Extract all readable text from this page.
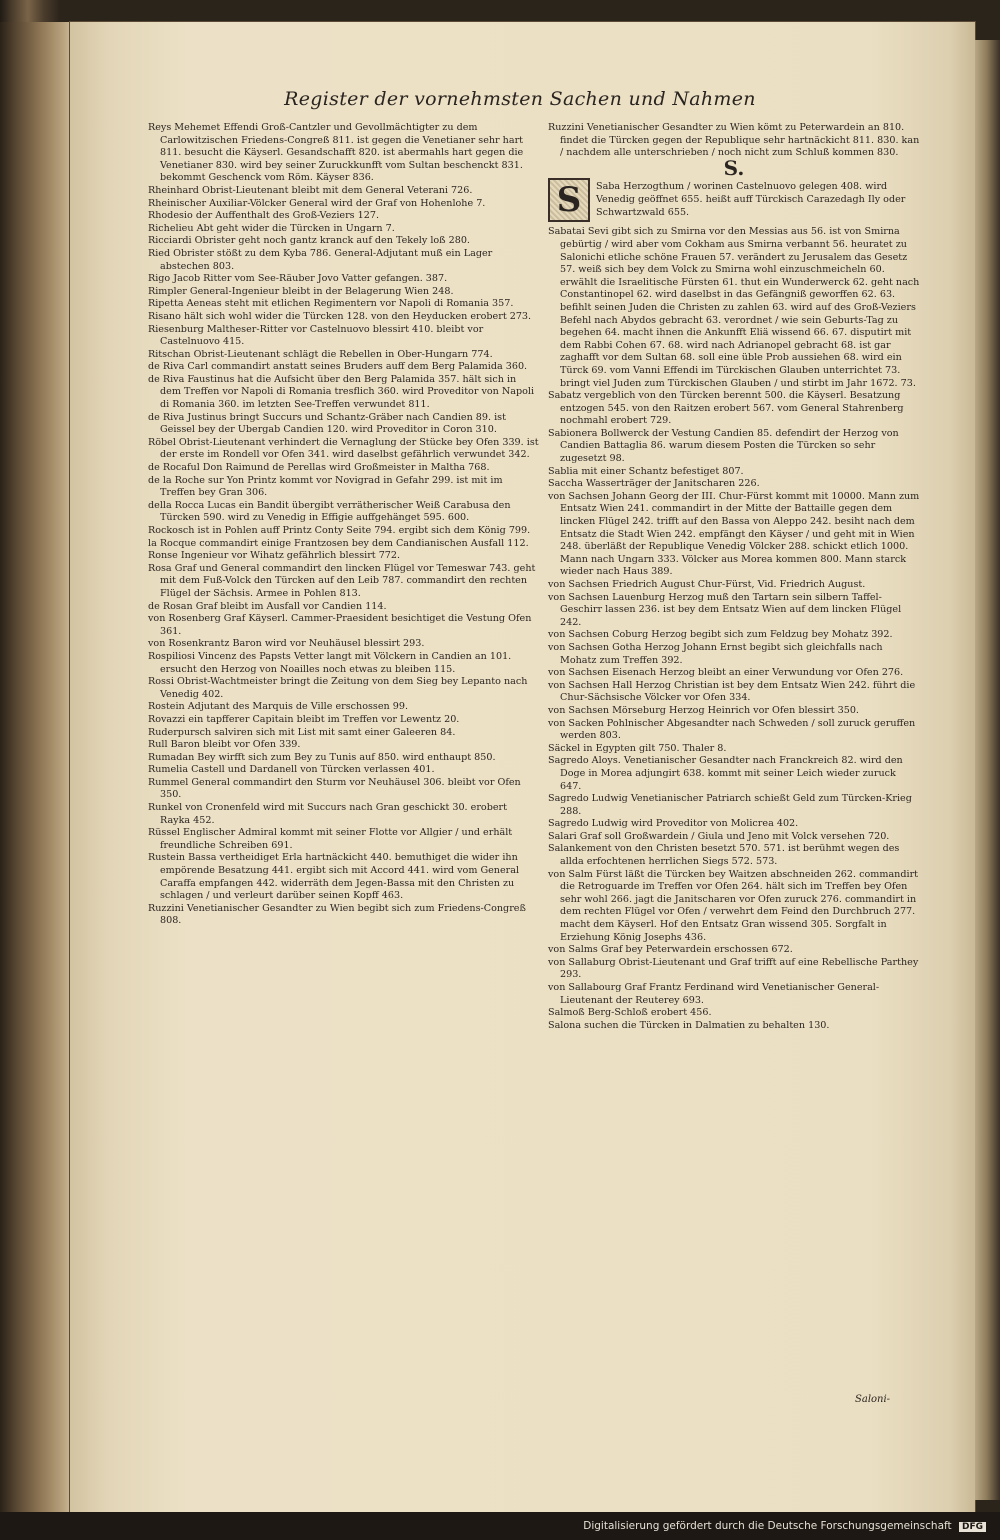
Register der vornehmsten Sachen und Nahmen

Reys Mehemet Effendi Groß-Cantzler und Gevollmächtigter zu dem Carlowitzischen Friedens-Congreß 811. ist gegen die Venetianer sehr hart 811. besucht die Käyserl. Gesandschafft 820. ist abermahls hart gegen die Venetianer 830. wird bey seiner Zuruckkunfft vom Sultan beschenckt 831. bekommt Geschenck vom Röm. Käyser 836.

Rheinhard Obrist-Lieutenant bleibt mit dem General Veterani 726.

Rheinischer Auxiliar-Völcker General wird der Graf von Hohenlohe 7.

Rhodesio der Auffenthalt des Groß-Veziers 127.

Richelieu Abt geht wider die Türcken in Ungarn 7.

Ricciardi Obrister geht noch gantz kranck auf den Tekely loß 280.

Ried Obrister stößt zu dem Kyba 786. General-Adjutant muß ein Lager abstechen 803.

Rigo Jacob Ritter vom See-Räuber Jovo Vatter gefangen. 387.

Rimpler General-Ingenieur bleibt in der Belagerung Wien 248.

Ripetta Aeneas steht mit etlichen Regimentern vor Napoli di Romania 357.

Risano hält sich wohl wider die Türcken 128. von den Heyducken erobert 273.

Riesenburg Maltheser-Ritter vor Castelnuovo blessirt 410. bleibt vor Castelnuovo 415.

Ritschan Obrist-Lieutenant schlägt die Rebellen in Ober-Hungarn 774.

de Riva Carl commandirt anstatt seines Bruders auff dem Berg Palamida 360.

de Riva Faustinus hat die Aufsicht über den Berg Palamida 357. hält sich in dem Treffen vor Napoli di Romania tresflich 360. wird Proveditor von Napoli di Romania 360. im letzten See-Treffen verwundet 811.

de Riva Justinus bringt Succurs und Schantz-Gräber nach Candien 89. ist Geissel bey der Ubergab Candien 120. wird Proveditor in Coron 310.

Röbel Obrist-Lieutenant verhindert die Vernaglung der Stücke bey Ofen 339. ist der erste im Rondell vor Ofen 341. wird daselbst gefährlich verwundet 342.

de Rocaful Don Raimund de Perellas wird Großmeister in Maltha 768.

de la Roche sur Yon Printz kommt vor Novigrad in Gefahr 299. ist mit im Treffen bey Gran 306.

della Rocca Lucas ein Bandit übergibt verrätherischer Weiß Carabusa den Türcken 590. wird zu Venedig in Effigie auffgehänget 595. 600.

Rockosch ist in Pohlen auff Printz Conty Seite 794. ergibt sich dem König 799.

la Rocque commandirt einige Frantzosen bey dem Candianischen Ausfall 112.

Ronse Ingenieur vor Wihatz gefährlich blessirt 772.

Rosa Graf und General commandirt den lincken Flügel vor Temeswar 743. geht mit dem Fuß-Volck den Türcken auf den Leib 787. commandirt den rechten Flügel der Sächsis. Armee in Pohlen 813.

de Rosan Graf bleibt im Ausfall vor Candien 114.

von Rosenberg Graf Käyserl. Cammer-Praesident besichtiget die Vestung Ofen 361.

von Rosenkrantz Baron wird vor Neuhäusel blessirt 293.

Rospiliosi Vincenz des Papsts Vetter langt mit Völckern in Candien an 101. ersucht den Herzog von Noailles noch etwas zu bleiben 115.

Rossi Obrist-Wachtmeister bringt die Zeitung von dem Sieg bey Lepanto nach Venedig 402.

Rostein Adjutant des Marquis de Ville erschossen 99.

Rovazzi ein tapfferer Capitain bleibt im Treffen vor Lewentz 20.

Ruderpursch salviren sich mit List mit samt einer Galeeren 84.

Rull Baron bleibt vor Ofen 339.

Rumadan Bey wirfft sich zum Bey zu Tunis auf 850. wird enthaupt 850.

Rumelia Castell und Dardanell von Türcken verlassen 401.

Rummel General commandirt den Sturm vor Neuhäusel 306. bleibt vor Ofen 350.

Runkel von Cronenfeld wird mit Succurs nach Gran geschickt 30. erobert Rayka 452.

Rüssel Englischer Admiral kommt mit seiner Flotte vor Allgier / und erhält freundliche Schreiben 691.

Rustein Bassa vertheidiget Erla hartnäckicht 440. bemuthiget die wider ihn empörende Besatzung 441. ergibt sich mit Accord 441. wird vom General Caraffa empfangen 442. widerräth dem Jegen-Bassa mit den Christen zu schlagen / und verleurt darüber seinen Kopff 463.

Ruzzini Venetianischer Gesandter zu Wien begibt sich zum Friedens-Congreß 808.

Ruzzini Venetianischer Gesandter zu Wien kömt zu Peterwardein an 810. findet die Türcken gegen der Republique sehr hartnäckicht 811. 830. kan / nachdem alle unterschrieben / noch nicht zum Schluß kommen 830.

S.
S	Saba Herzogthum / worinen Castelnuovo gelegen 408. wird Venedig geöffnet 655. heißt auff Türckisch Carazedagh Ily oder Schwartzwald 655.

Sabatai Sevi gibt sich zu Smirna vor den Messias aus 56. ist von Smirna gebürtig / wird aber vom Cokham aus Smirna verbannt 56. heuratet zu Salonichi etliche schöne Frauen 57. verändert zu Jerusalem das Gesetz 57. weiß sich bey dem Volck zu Smirna wohl einzuschmeicheln 60. erwählt die Israelitische Fürsten 61. thut ein Wunderwerck 62. geht nach Constantinopel 62. wird daselbst in das Gefängniß geworffen 62. 63. befihlt seinen Juden die Christen zu zahlen 63. wird auf des Groß-Veziers Befehl nach Abydos gebracht 63. verordnet / wie sein Geburts-Tag zu begehen 64. macht ihnen die Ankunfft Eliä wissend 66. 67. disputirt mit dem Rabbi Cohen 67. 68. wird nach Adrianopel gebracht 68. ist gar zaghafft vor dem Sultan 68. soll eine üble Prob aussiehen 68. wird ein Türck 69. vom Vanni Effendi im Türckischen Glauben unterrichtet 73. bringt viel Juden zum Türckischen Glauben / und stirbt im Jahr 1672. 73.

Sabatz vergeblich von den Türcken berennt 500. die Käyserl. Besatzung entzogen 545. von den Raitzen erobert 567. vom General Stahrenberg nochmahl erobert 729.

Sabionera Bollwerck der Vestung Candien 85. defendirt der Herzog von Candien Battaglia 86. warum diesem Posten die Türcken so sehr zugesetzt 98.

Sablia mit einer Schantz befestiget 807.

Saccha Wasserträger der Janitscharen 226.

von Sachsen Johann Georg der III. Chur-Fürst kommt mit 10000. Mann zum Entsatz Wien 241. commandirt in der Mitte der Battaille gegen dem lincken Flügel 242. trifft auf den Bassa von Aleppo 242. besiht nach dem Entsatz die Stadt Wien 242. empfängt den Käyser / und geht mit in Wien 248. überläßt der Republique Venedig Völcker 288. schickt etlich 1000. Mann nach Ungarn 333. Völcker aus Morea kommen 800. Mann starck wieder nach Haus 389.

von Sachsen Friedrich August Chur-Fürst, Vid. Friedrich August.

von Sachsen Lauenburg Herzog muß den Tartarn sein silbern Taffel-Geschirr lassen 236. ist bey dem Entsatz Wien auf dem lincken Flügel 242.

von Sachsen Coburg Herzog begibt sich zum Feldzug bey Mohatz 392.

von Sachsen Gotha Herzog Johann Ernst begibt sich gleichfalls nach Mohatz zum Treffen 392.

von Sachsen Eisenach Herzog bleibt an einer Verwundung vor Ofen 276.

von Sachsen Hall Herzog Christian ist bey dem Entsatz Wien 242. führt die Chur-Sächsische Völcker vor Ofen 334.

von Sachsen Mörseburg Herzog Heinrich vor Ofen blessirt 350.

von Sacken Pohlnischer Abgesandter nach Schweden / soll zuruck geruffen werden 803.

Säckel in Egypten gilt 750. Thaler 8.

Sagredo Aloys. Venetianischer Gesandter nach Franckreich 82. wird den Doge in Morea adjungirt 638. kommt mit seiner Leich wieder zuruck 647.

Sagredo Ludwig Venetianischer Patriarch schießt Geld zum Türcken-Krieg 288.

Sagredo Ludwig wird Proveditor von Molicrea 402.

Salari Graf soll Großwardein / Giula und Jeno mit Volck versehen 720.

Salankement von den Christen besetzt 570. 571. ist berühmt wegen des allda erfochtenen herrlichen Siegs 572. 573.

von Salm Fürst läßt die Türcken bey Waitzen abschneiden 262. commandirt die Retroguarde im Treffen vor Ofen 264. hält sich im Treffen bey Ofen sehr wohl 266. jagt die Janitscharen vor Ofen zuruck 276. commandirt in dem rechten Flügel vor Ofen / verwehrt dem Feind den Durchbruch 277. macht dem Käyserl. Hof den Entsatz Gran wissend 305. Sorgfalt in Erziehung König Josephs 436.

von Salms Graf bey Peterwardein erschossen 672.

von Sallaburg Obrist-Lieutenant und Graf trifft auf eine Rebellische Parthey 293.

von Sallabourg Graf Frantz Ferdinand wird Venetianischer General-Lieutenant der Reuterey 693.

Salmoß Berg-Schloß erobert 456.

Salona suchen die Türcken in Dalmatien zu behalten 130.

Saloni-
Digitalisierung gefördert durch die Deutsche Forschungsgemeinschaft DFG
